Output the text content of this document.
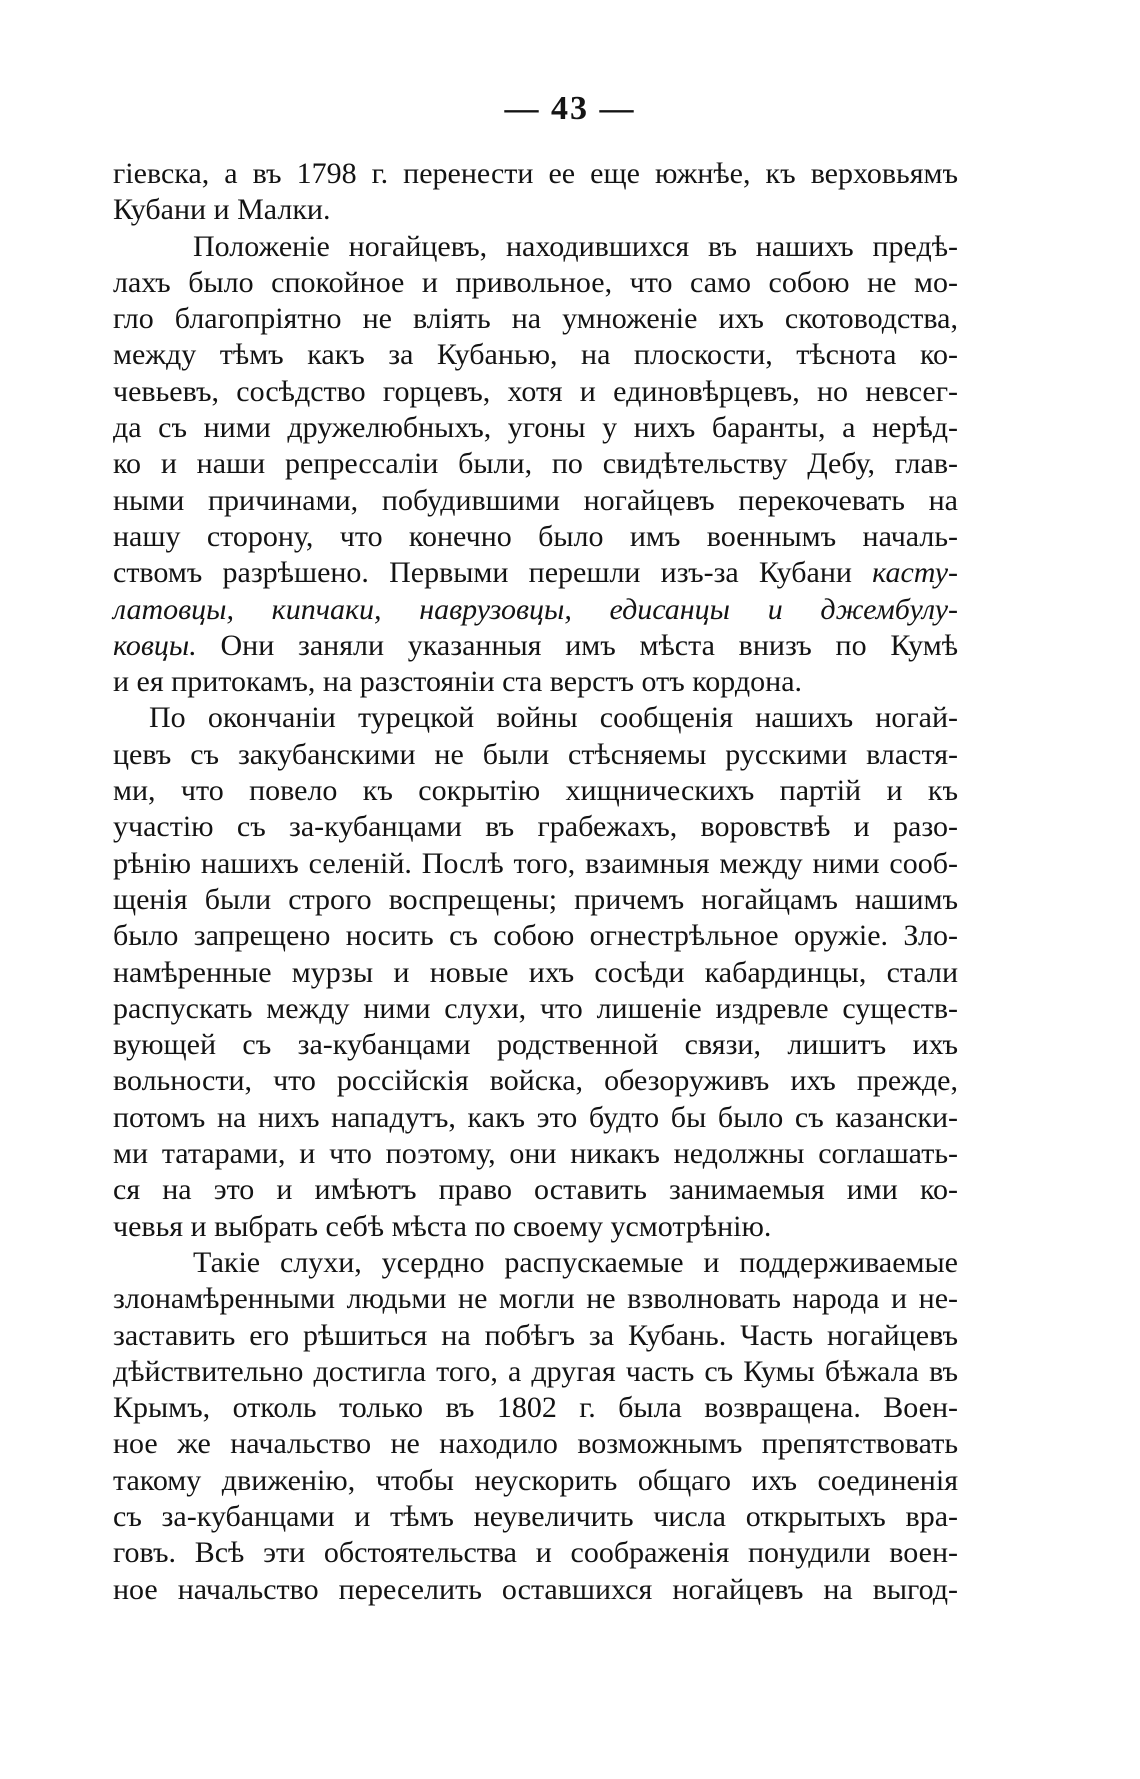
— 43 —
гіевска, а въ 1798 г. перенести ее еще южнѣе, къ верховьямъ
Кубани и Малки.
Положеніе ногайцевъ, находившихся въ нашихъ предѣ-
лахъ было спокойное и привольное, что само собою не мо-
гло благопріятно не вліять на умноженіе ихъ скотоводства,
между тѣмъ какъ за Кубанью, на плоскости, тѣснота ко-
чевьевъ, сосѣдство горцевъ, хотя и единовѣрцевъ, но невсег-
да съ ними дружелюбныхъ, угоны у нихъ баранты, а нерѣд-
ко и наши репрессаліи были, по свидѣтельству Дебу, глав-
ными причинами, побудившими ногайцевъ перекочевать на
нашу сторону, что конечно было имъ военнымъ началь-
ствомъ разрѣшено. Первыми перешли изъ-за Кубани касту-
латовцы, кипчаки, наврузовцы, едисанцы и джембулу-
ковцы. Они заняли указанныя имъ мѣста внизъ по Кумѣ
и ея притокамъ, на разстояніи ста верстъ отъ кордона.
По окончаніи турецкой войны сообщенія нашихъ ногай-
цевъ съ закубанскими не были стѣсняемы русскими властя-
ми, что повело къ сокрытію хищническихъ партій и къ
участію съ за-кубанцами въ грабежахъ, воровствѣ и разо-
рѣнію нашихъ селеній. Послѣ того, взаимныя между ними сооб-
щенія были строго воспрещены; причемъ ногайцамъ нашимъ
было запрещено носить съ собою огнестрѣльное оружіе. Зло-
намѣренные мурзы и новые ихъ сосѣди кабардинцы, стали
распускать между ними слухи, что лишеніе издревле существ-
вующей съ за-кубанцами родственной связи, лишитъ ихъ
вольности, что россійскія войска, обезоруживъ ихъ прежде,
потомъ на нихъ нападутъ, какъ это будто бы было съ казански-
ми татарами, и что поэтому, они никакъ недолжны соглашать-
ся на это и имѣютъ право оставить занимаемыя ими ко-
чевья и выбрать себѣ мѣста по своему усмотрѣнію.
Такіе слухи, усердно распускаемые и поддерживаемые
злонамѣренными людьми не могли не взволновать народа и не-
заставить его рѣшиться на побѣгъ за Кубань. Часть ногайцевъ
дѣйствительно достигла того, а другая часть съ Кумы бѣжала въ
Крымъ, отколь только въ 1802 г. была возвращена. Воен-
ное же начальство не находило возможнымъ препятствовать
такому движенію, чтобы неускорить общаго ихъ соединенія
съ за-кубанцами и тѣмъ неувеличить числа открытыхъ вра-
говъ. Всѣ эти обстоятельства и соображенія понудили воен-
ное начальство переселить оставшихся ногайцевъ на выгод-
